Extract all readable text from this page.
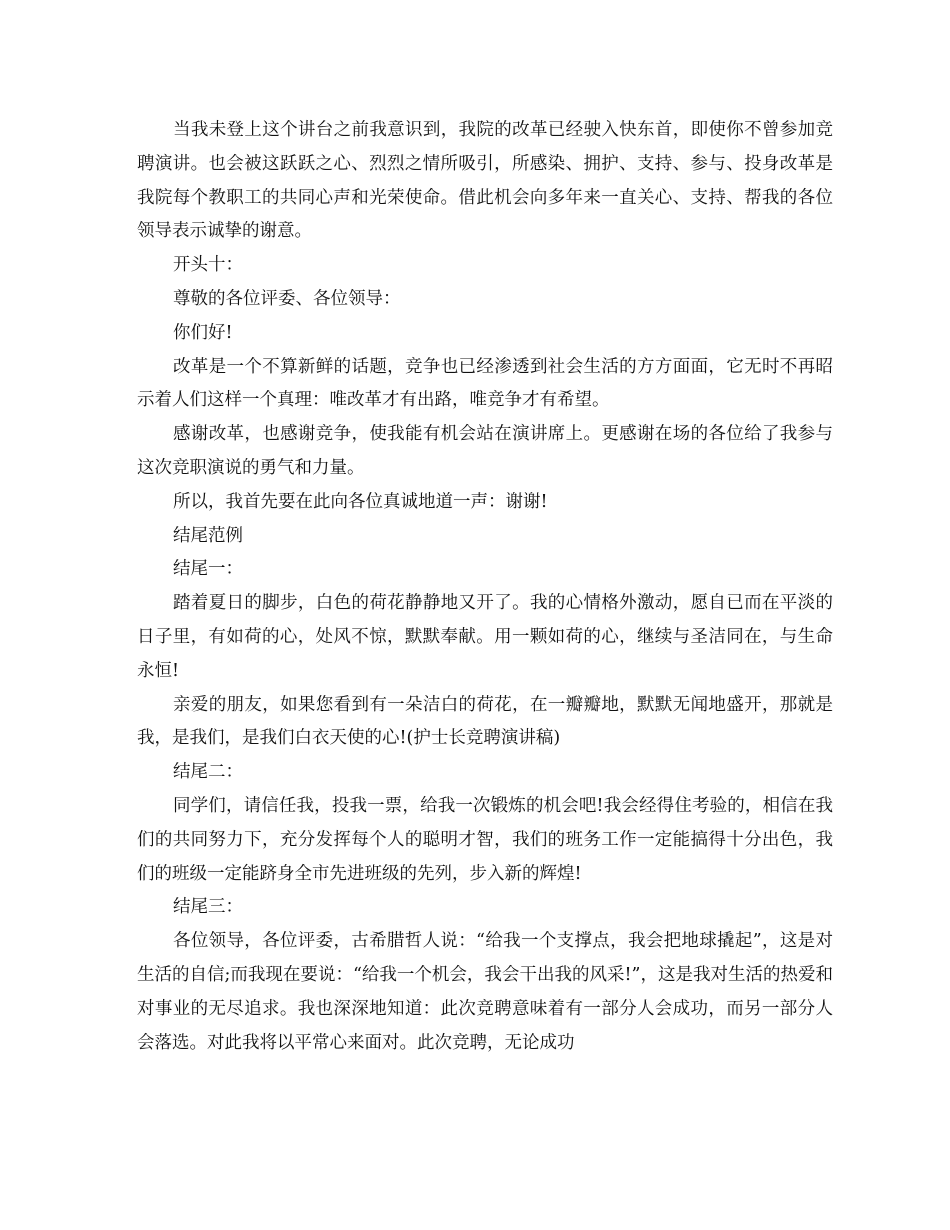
当我未登上这个讲台之前我意识到，我院的改革已经驶入快东首，即使你不曾参加竞聘演讲。也会被这跃跃之心、烈烈之情所吸引，所感染、拥护、支持、参与、投身改革是我院每个教职工的共同心声和光荣使命。借此机会向多年来一直关心、支持、帮我的各位领导表示诚挚的谢意。

开头十：

尊敬的各位评委、各位领导：

你们好!

改革是一个不算新鲜的话题，竞争也已经渗透到社会生活的方方面面，它无时不再昭示着人们这样一个真理：唯改革才有出路，唯竞争才有希望。

感谢改革，也感谢竞争，使我能有机会站在演讲席上。更感谢在场的各位给了我参与这次竞职演说的勇气和力量。

所以，我首先要在此向各位真诚地道一声：谢谢!

结尾范例

结尾一：

踏着夏日的脚步，白色的荷花静静地又开了。我的心情格外激动，愿自已而在平淡的日子里，有如荷的心，处风不惊，默默奉献。用一颗如荷的心，继续与圣洁同在，与生命永恒!

亲爱的朋友，如果您看到有一朵洁白的荷花，在一瓣瓣地，默默无闻地盛开，那就是我，是我们，是我们白衣天使的心!(护士长竞聘演讲稿)

结尾二：

同学们，请信任我，投我一票，给我一次锻炼的机会吧!我会经得住考验的，相信在我们的共同努力下，充分发挥每个人的聪明才智，我们的班务工作一定能搞得十分出色，我们的班级一定能跻身全市先进班级的先列，步入新的辉煌!

结尾三：

各位领导，各位评委，古希腊哲人说：“给我一个支撑点，我会把地球撬起”，这是对生活的自信;而我现在要说：“给我一个机会，我会干出我的风采!”，这是我对生活的热爱和对事业的无尽追求。我也深深地知道：此次竞聘意味着有一部分人会成功，而另一部分人会落选。对此我将以平常心来面对。此次竞聘，无论成功
